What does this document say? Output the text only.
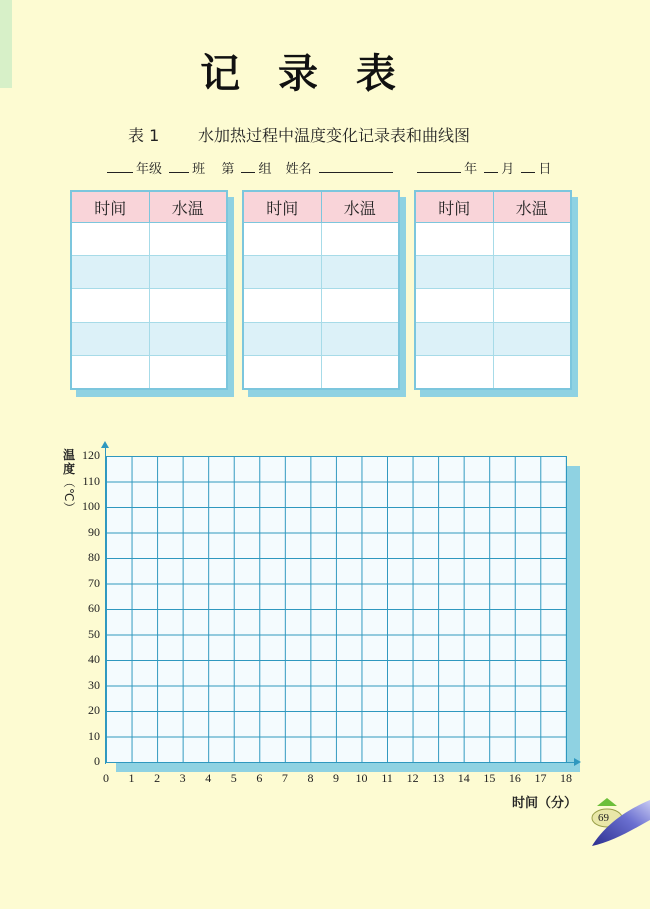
记 录 表
表 1 水加热过程中温度变化记录表和曲线图
年级 班 第 组 姓名	年 月 日
时间	水温

		时间	水温

		时间	水温

温
度

（℃）
时间（分）
0
10
20
30
40
50
60
70
80
90
100
110
120
0	1	2	3	4	5	6	7	8	9	10	11	12	13	14	15	16	17	18
69
